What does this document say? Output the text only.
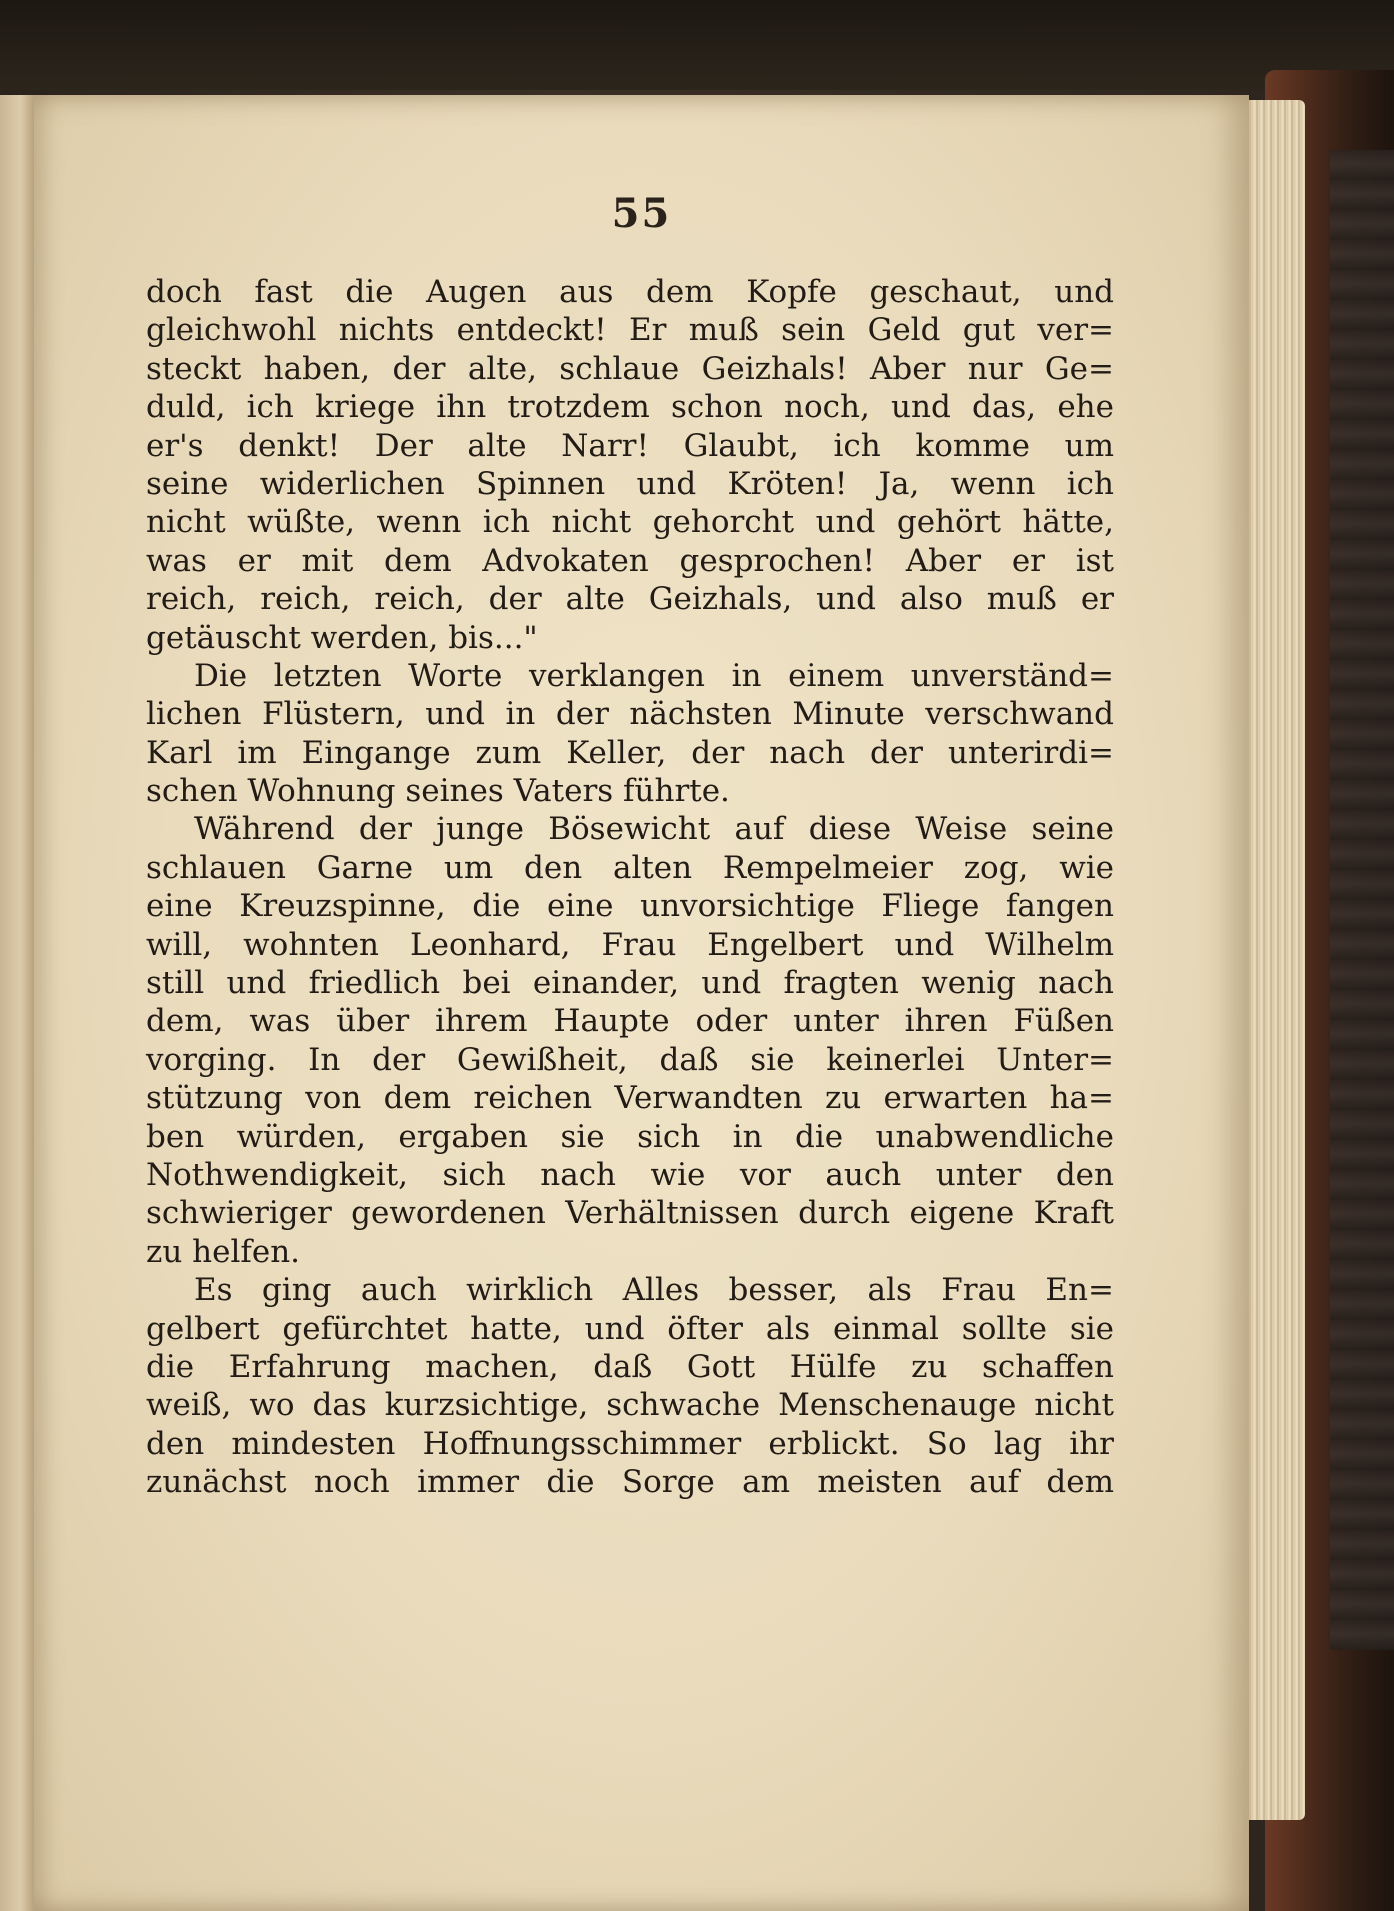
55
doch fast die Augen aus dem Kopfe geschaut, und
gleichwohl nichts entdeckt! Er muß sein Geld gut ver=
steckt haben, der alte, schlaue Geizhals! Aber nur Ge=
duld, ich kriege ihn trotzdem schon noch, und das, ehe
er's denkt! Der alte Narr! Glaubt, ich komme um
seine widerlichen Spinnen und Kröten! Ja, wenn ich
nicht wüßte, wenn ich nicht gehorcht und gehört hätte,
was er mit dem Advokaten gesprochen! Aber er ist
reich, reich, reich, der alte Geizhals, und also muß er
getäuscht werden, bis..."
Die letzten Worte verklangen in einem unverständ=
lichen Flüstern, und in der nächsten Minute verschwand
Karl im Eingange zum Keller, der nach der unterirdi=
schen Wohnung seines Vaters führte.
Während der junge Bösewicht auf diese Weise seine
schlauen Garne um den alten Rempelmeier zog, wie
eine Kreuzspinne, die eine unvorsichtige Fliege fangen
will, wohnten Leonhard, Frau Engelbert und Wilhelm
still und friedlich bei einander, und fragten wenig nach
dem, was über ihrem Haupte oder unter ihren Füßen
vorging. In der Gewißheit, daß sie keinerlei Unter=
stützung von dem reichen Verwandten zu erwarten ha=
ben würden, ergaben sie sich in die unabwendliche
Nothwendigkeit, sich nach wie vor auch unter den
schwieriger gewordenen Verhältnissen durch eigene Kraft
zu helfen.
Es ging auch wirklich Alles besser, als Frau En=
gelbert gefürchtet hatte, und öfter als einmal sollte sie
die Erfahrung machen, daß Gott Hülfe zu schaffen
weiß, wo das kurzsichtige, schwache Menschenauge nicht
den mindesten Hoffnungsschimmer erblickt. So lag ihr
zunächst noch immer die Sorge am meisten auf dem
